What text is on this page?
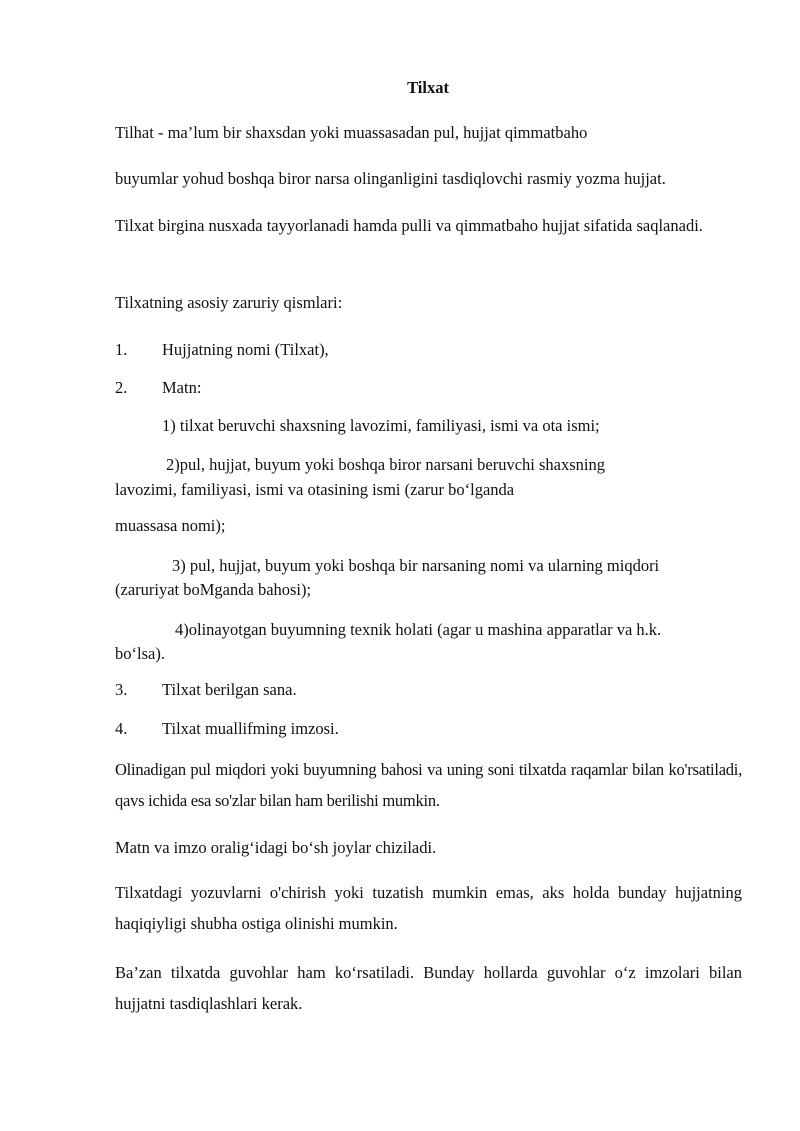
Tilxat
Tilhat - ma’lum bir shaxsdan yoki muassasadan pul, hujjat qimmatbaho
buyumlar yohud boshqa biror narsa olinganligini tasdiqlovchi rasmiy yozma hujjat.
Tilxat birgina nusxada tayyorlanadi hamda pulli va qimmatbaho hujjat sifatida saqlanadi.
Tilxatning asosiy zaruriy qismlari:
1. Hujjatning nomi (Tilxat),
2. Matn:
1) tilxat beruvchi shaxsning lavozimi, familiyasi, ismi va ota ismi;
2)pul, hujjat, buyum yoki boshqa biror narsani beruvchi shaxsning
lavozimi, familiyasi, ismi va otasining ismi (zarur bo‘lganda
muassasa nomi);
3) pul, hujjat, buyum yoki boshqa bir narsaning nomi va ularning miqdori
(zaruriyat boMganda bahosi);
4)olinayotgan buyumning texnik holati (agar u mashina apparatlar va h.k.
bo‘lsa).
3. Tilxat berilgan sana.
4. Tilxat muallifming imzosi.
Olinadigan pul miqdori yoki buyumning bahosi va uning soni tilxatda raqamlar bilan ko'rsatiladi, qavs ichida esa so'zlar bilan ham berilishi mumkin.
Matn va imzo oralig‘idagi bo‘sh joylar chiziladi.
Tilxatdagi yozuvlarni o'chirish yoki tuzatish mumkin emas, aks holda bunday hujjatning haqiqiyligi shubha ostiga olinishi mumkin.
Ba’zan tilxatda guvohlar ham ko‘rsatiladi. Bunday hollarda guvohlar o‘z imzolari bilan hujjatni tasdiqlashlari kerak.
